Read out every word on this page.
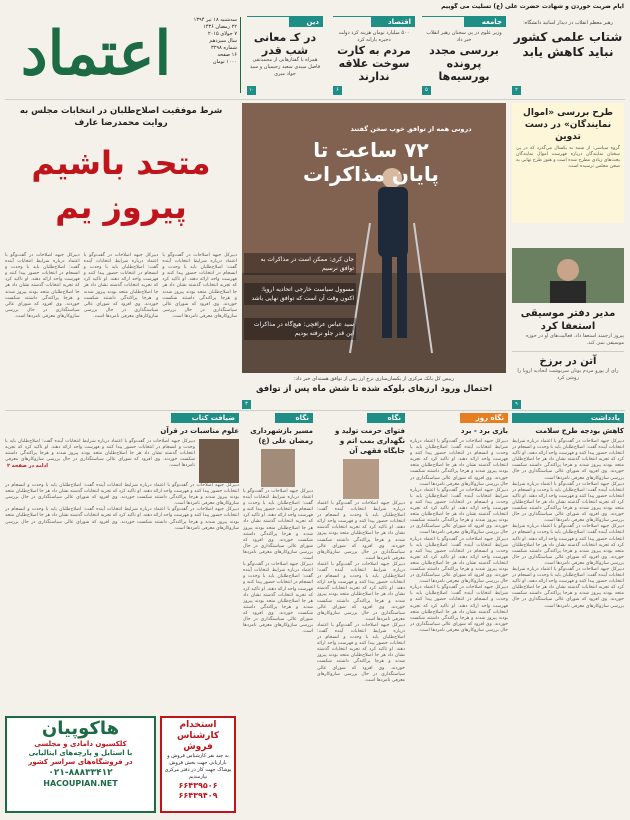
ایام ضربت خوردن و شهادت حضرت علی (ع) تسلیت می گوییم
اعتماد	سه‌شنبه ۱۸ تیر ۱۳۹۴
۲۲ رمضان ۱۴۳۶
۷ جولای ۲۰۱۵
سال سیزدهم
شماره ۳۲۹۸
۱۶ صفحه
۱۰۰۰ تومان
دین
در کـ معانی شب قدر
همراه با گفتارهایی از محمدتقی فاضل میبدی سعید رحیمیان و سید جواد میری
اقتصاد
۵۰۰ میلیارد تومان هزینه کرد دولت ذخیره یارانه کرد
مردم به کارت سوخت علاقه ندارند
جامعه
وزیر علوم در پی سخنان رهبر انقلاب خبر داد
بررسی مجدد پرونده بورسیه‌ها
رهبر معظم انقلاب در دیدار اساتید دانشگاه:
شتاب علمی کشور نباید کاهش یابد
۱۰	۶	۵	۲
شرط موفقیت اصلاح‌طلبان در انتخابات مجلس به روایت محمدرضا عارف
متحد باشیم
پیروز یم
دبیرکل جبهه اصلاحات در گفت‌وگو با اعتماد درباره شرایط انتخابات آینده گفت: اصلاح‌طلبان باید با وحدت و انسجام در انتخابات حضور پیدا کنند و فهرست واحد ارائه دهند. او تاکید کرد که تجربه انتخابات گذشته نشان داد هر جا اصلاح‌طلبان متحد بودند پیروز شدند و هرجا پراکندگی داشتند شکست خوردند. وی افزود که شورای عالی سیاستگذاری در حال بررسی سازوکارهای معرفی نامزدها است.
دبیرکل جبهه اصلاحات در گفت‌وگو با اعتماد درباره شرایط انتخابات آینده گفت: اصلاح‌طلبان باید با وحدت و انسجام در انتخابات حضور پیدا کنند و فهرست واحد ارائه دهند. او تاکید کرد که تجربه انتخابات گذشته نشان داد هر جا اصلاح‌طلبان متحد بودند پیروز شدند و هرجا پراکندگی داشتند شکست خوردند. وی افزود که شورای عالی سیاستگذاری در حال بررسی سازوکارهای معرفی نامزدها است.
دبیرکل جبهه اصلاحات در گفت‌وگو با اعتماد درباره شرایط انتخابات آینده گفت: اصلاح‌طلبان باید با وحدت و انسجام در انتخابات حضور پیدا کنند و فهرست واحد ارائه دهند. او تاکید کرد که تجربه انتخابات گذشته نشان داد هر جا اصلاح‌طلبان متحد بودند پیروز شدند و هرجا پراکندگی داشتند شکست خوردند. وی افزود که شورای عالی سیاستگذاری در حال بررسی سازوکارهای معرفی نامزدها است.
ادامه در صفحه ۲
درونی همه از توافق خوب سخن گفتند
۷۲ ساعت تا پایان مذاکرات
جان کری: ممکن است در مذاکرات به توافق نرسیم
مسوول سیاست خارجی اتحادیه اروپا: اکنون وقت آن است که توافق نهایی باشد
سید عباس عراقچی: هیچ‌گاه در مذاکرات این قدر جلو نرفته بودیم
رییس کل بانک مرکزی از یکسان‌سازی نرخ ارز پس از توافق هسته‌ای خبر داد:
احتمال ورود ارزهای بلوکه شده تا شش ماه پس از توافق
طرح بررسی «اموال نمایندگان» در دست تدوین
گروه سیاسی: از شنبه به یکسال می‌گذرد که در پی سخنان نمایندگان درباره فهرست اموال نمایندگان بحث‌های زیادی مطرح شده است و هنوز طرح نهایی به صحن مجلس نرسیده است.
مدیر دفتر موسیقی استعفا کرد
پیروز ارجمند استعفا داد. فعالیت‌های او در حوزه موسیقی نمی کند.
آتن در برزخ
رای از یورو مردم یونان سرنوشت اتحادیه اروپا را روشن کرد
یادداشت
کاهش بودجه طرح سلامت
دبیرکل جبهه اصلاحات در گفت‌وگو با اعتماد درباره شرایط انتخابات آینده گفت: اصلاح‌طلبان باید با وحدت و انسجام در انتخابات حضور پیدا کنند و فهرست واحد ارائه دهند. او تاکید کرد که تجربه انتخابات گذشته نشان داد هر جا اصلاح‌طلبان متحد بودند پیروز شدند و هرجا پراکندگی داشتند شکست خوردند. وی افزود که شورای عالی سیاستگذاری در حال بررسی سازوکارهای معرفی نامزدها است.
دبیرکل جبهه اصلاحات در گفت‌وگو با اعتماد درباره شرایط انتخابات آینده گفت: اصلاح‌طلبان باید با وحدت و انسجام در انتخابات حضور پیدا کنند و فهرست واحد ارائه دهند. او تاکید کرد که تجربه انتخابات گذشته نشان داد هر جا اصلاح‌طلبان متحد بودند پیروز شدند و هرجا پراکندگی داشتند شکست خوردند. وی افزود که شورای عالی سیاستگذاری در حال بررسی سازوکارهای معرفی نامزدها است.
دبیرکل جبهه اصلاحات در گفت‌وگو با اعتماد درباره شرایط انتخابات آینده گفت: اصلاح‌طلبان باید با وحدت و انسجام در انتخابات حضور پیدا کنند و فهرست واحد ارائه دهند. او تاکید کرد که تجربه انتخابات گذشته نشان داد هر جا اصلاح‌طلبان متحد بودند پیروز شدند و هرجا پراکندگی داشتند شکست خوردند. وی افزود که شورای عالی سیاستگذاری در حال بررسی سازوکارهای معرفی نامزدها است.
دبیرکل جبهه اصلاحات در گفت‌وگو با اعتماد درباره شرایط انتخابات آینده گفت: اصلاح‌طلبان باید با وحدت و انسجام در انتخابات حضور پیدا کنند و فهرست واحد ارائه دهند. او تاکید کرد که تجربه انتخابات گذشته نشان داد هر جا اصلاح‌طلبان متحد بودند پیروز شدند و هرجا پراکندگی داشتند شکست خوردند. وی افزود که شورای عالی سیاستگذاری در حال بررسی سازوکارهای معرفی نامزدها است.
نگاه روز
بازی برد - برد
دبیرکل جبهه اصلاحات در گفت‌وگو با اعتماد درباره شرایط انتخابات آینده گفت: اصلاح‌طلبان باید با وحدت و انسجام در انتخابات حضور پیدا کنند و فهرست واحد ارائه دهند. او تاکید کرد که تجربه انتخابات گذشته نشان داد هر جا اصلاح‌طلبان متحد بودند پیروز شدند و هرجا پراکندگی داشتند شکست خوردند. وی افزود که شورای عالی سیاستگذاری در حال بررسی سازوکارهای معرفی نامزدها است.
دبیرکل جبهه اصلاحات در گفت‌وگو با اعتماد درباره شرایط انتخابات آینده گفت: اصلاح‌طلبان باید با وحدت و انسجام در انتخابات حضور پیدا کنند و فهرست واحد ارائه دهند. او تاکید کرد که تجربه انتخابات گذشته نشان داد هر جا اصلاح‌طلبان متحد بودند پیروز شدند و هرجا پراکندگی داشتند شکست خوردند. وی افزود که شورای عالی سیاستگذاری در حال بررسی سازوکارهای معرفی نامزدها است.
دبیرکل جبهه اصلاحات در گفت‌وگو با اعتماد درباره شرایط انتخابات آینده گفت: اصلاح‌طلبان باید با وحدت و انسجام در انتخابات حضور پیدا کنند و فهرست واحد ارائه دهند. او تاکید کرد که تجربه انتخابات گذشته نشان داد هر جا اصلاح‌طلبان متحد بودند پیروز شدند و هرجا پراکندگی داشتند شکست خوردند. وی افزود که شورای عالی سیاستگذاری در حال بررسی سازوکارهای معرفی نامزدها است.
دبیرکل جبهه اصلاحات در گفت‌وگو با اعتماد درباره شرایط انتخابات آینده گفت: اصلاح‌طلبان باید با وحدت و انسجام در انتخابات حضور پیدا کنند و فهرست واحد ارائه دهند. او تاکید کرد که تجربه انتخابات گذشته نشان داد هر جا اصلاح‌طلبان متحد بودند پیروز شدند و هرجا پراکندگی داشتند شکست خوردند. وی افزود که شورای عالی سیاستگذاری در حال بررسی سازوکارهای معرفی نامزدها است.
نگاه
فتوای حرمت تولید و نگهداری بمب اتم و جایگاه فقهی آن
دبیرکل جبهه اصلاحات در گفت‌وگو با اعتماد درباره شرایط انتخابات آینده گفت: اصلاح‌طلبان باید با وحدت و انسجام در انتخابات حضور پیدا کنند و فهرست واحد ارائه دهند. او تاکید کرد که تجربه انتخابات گذشته نشان داد هر جا اصلاح‌طلبان متحد بودند پیروز شدند و هرجا پراکندگی داشتند شکست خوردند. وی افزود که شورای عالی سیاستگذاری در حال بررسی سازوکارهای معرفی نامزدها است.
دبیرکل جبهه اصلاحات در گفت‌وگو با اعتماد درباره شرایط انتخابات آینده گفت: اصلاح‌طلبان باید با وحدت و انسجام در انتخابات حضور پیدا کنند و فهرست واحد ارائه دهند. او تاکید کرد که تجربه انتخابات گذشته نشان داد هر جا اصلاح‌طلبان متحد بودند پیروز شدند و هرجا پراکندگی داشتند شکست خوردند. وی افزود که شورای عالی سیاستگذاری در حال بررسی سازوکارهای معرفی نامزدها است.
دبیرکل جبهه اصلاحات در گفت‌وگو با اعتماد درباره شرایط انتخابات آینده گفت: اصلاح‌طلبان باید با وحدت و انسجام در انتخابات حضور پیدا کنند و فهرست واحد ارائه دهند. او تاکید کرد که تجربه انتخابات گذشته نشان داد هر جا اصلاح‌طلبان متحد بودند پیروز شدند و هرجا پراکندگی داشتند شکست خوردند. وی افزود که شورای عالی سیاستگذاری در حال بررسی سازوکارهای معرفی نامزدها است.
نگاه
مسیر بازشهرداری رمضان علی (ع)
دبیرکل جبهه اصلاحات در گفت‌وگو با اعتماد درباره شرایط انتخابات آینده گفت: اصلاح‌طلبان باید با وحدت و انسجام در انتخابات حضور پیدا کنند و فهرست واحد ارائه دهند. او تاکید کرد که تجربه انتخابات گذشته نشان داد هر جا اصلاح‌طلبان متحد بودند پیروز شدند و هرجا پراکندگی داشتند شکست خوردند. وی افزود که شورای عالی سیاستگذاری در حال بررسی سازوکارهای معرفی نامزدها است.
دبیرکل جبهه اصلاحات در گفت‌وگو با اعتماد درباره شرایط انتخابات آینده گفت: اصلاح‌طلبان باید با وحدت و انسجام در انتخابات حضور پیدا کنند و فهرست واحد ارائه دهند. او تاکید کرد که تجربه انتخابات گذشته نشان داد هر جا اصلاح‌طلبان متحد بودند پیروز شدند و هرجا پراکندگی داشتند شکست خوردند. وی افزود که شورای عالی سیاستگذاری در حال بررسی سازوکارهای معرفی نامزدها است.
ضیافت کتاب
علوم مناسبات در قرآن
دبیرکل جبهه اصلاحات در گفت‌وگو با اعتماد درباره شرایط انتخابات آینده گفت: اصلاح‌طلبان باید با وحدت و انسجام در انتخابات حضور پیدا کنند و فهرست واحد ارائه دهند. او تاکید کرد که تجربه انتخابات گذشته نشان داد هر جا اصلاح‌طلبان متحد بودند پیروز شدند و هرجا پراکندگی داشتند شکست خوردند. وی افزود که شورای عالی سیاستگذاری در حال بررسی سازوکارهای معرفی نامزدها است.
دبیرکل جبهه اصلاحات در گفت‌وگو با اعتماد درباره شرایط انتخابات آینده گفت: اصلاح‌طلبان باید با وحدت و انسجام در انتخابات حضور پیدا کنند و فهرست واحد ارائه دهند. او تاکید کرد که تجربه انتخابات گذشته نشان داد هر جا اصلاح‌طلبان متحد بودند پیروز شدند و هرجا پراکندگی داشتند شکست خوردند. وی افزود که شورای عالی سیاستگذاری در حال بررسی سازوکارهای معرفی نامزدها است.
دبیرکل جبهه اصلاحات در گفت‌وگو با اعتماد درباره شرایط انتخابات آینده گفت: اصلاح‌طلبان باید با وحدت و انسجام در انتخابات حضور پیدا کنند و فهرست واحد ارائه دهند. او تاکید کرد که تجربه انتخابات گذشته نشان داد هر جا اصلاح‌طلبان متحد بودند پیروز شدند و هرجا پراکندگی داشتند شکست خوردند. وی افزود که شورای عالی سیاستگذاری در حال بررسی سازوکارهای معرفی نامزدها است.
استخدام کارشناس فروش
به چند نفر کارشناس فروش و بازاریابی جهت بخش فروش پوشاک جهت کار در دفتر مرکزی نیازمندیم
۶۶۴۳۹۵۰۶
۶۶۴۳۹۴۰۹
هاکوپیان
کلکسیون دامادی و مجلسی
با استایل و پارچه‌های ایتالیایی
در فروشگاه‌های سراسر کشور
۰۲۱-۸۸۸۳۳۴۱۲
HACOUPIAN.NET
۹
۳
